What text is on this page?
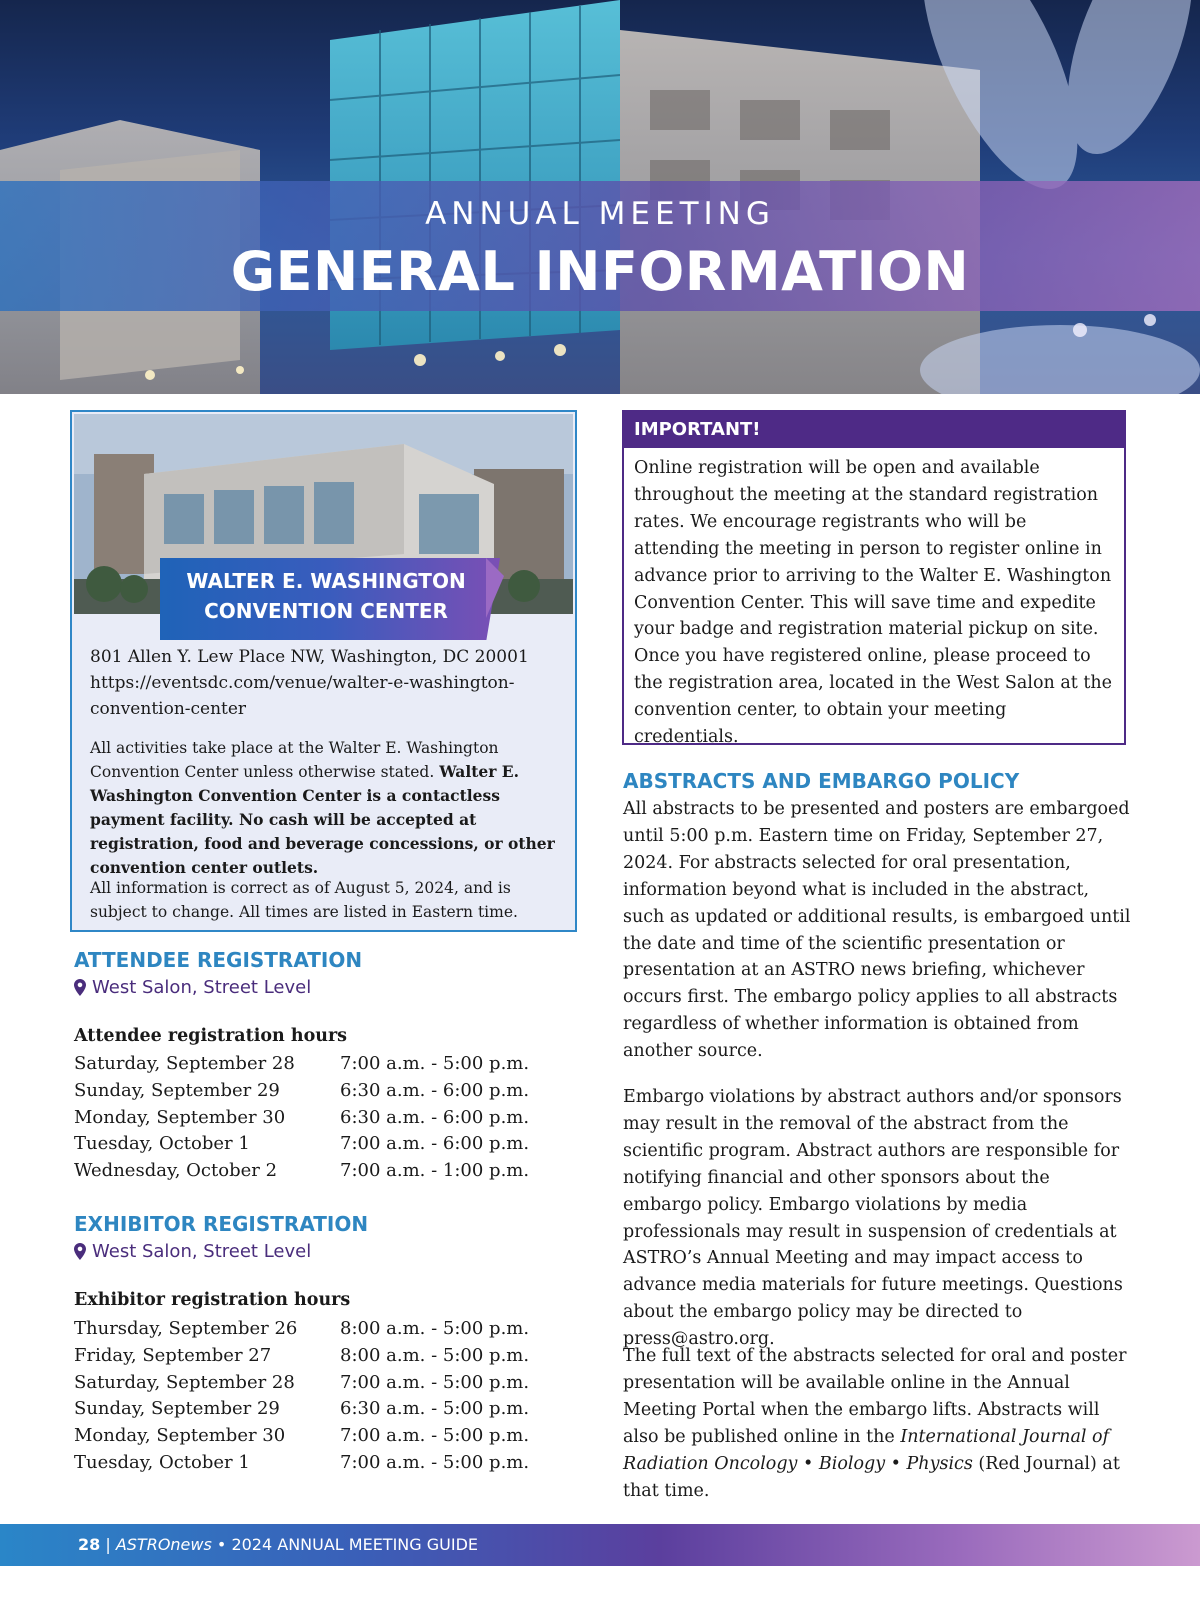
ANNUAL MEETING
GENERAL INFORMATION
WALTER E. WASHINGTON
CONVENTION CENTER
801 Allen Y. Lew Place NW, Washington, DC 20001
https://eventsdc.com/venue/walter-e-washington-convention-center
All activities take place at the Walter E. Washington Convention Center unless otherwise stated. Walter E. Washington Convention Center is a contactless payment facility. No cash will be accepted at registration, food and beverage concessions, or other convention center outlets.
All information is correct as of August 5, 2024, and is subject to change. All times are listed in Eastern time.
ATTENDEE REGISTRATION
West Salon, Street Level
Attendee registration hours
Saturday, September 28	7:00 a.m. - 5:00 p.m.
Sunday, September 29	6:30 a.m. - 6:00 p.m.
Monday, September 30	6:30 a.m. - 6:00 p.m.
Tuesday, October 1	7:00 a.m. - 6:00 p.m.
Wednesday, October 2	7:00 a.m. - 1:00 p.m.
EXHIBITOR REGISTRATION
West Salon, Street Level
Exhibitor registration hours
Thursday, September 26	8:00 a.m. - 5:00 p.m.
Friday, September 27	8:00 a.m. - 5:00 p.m.
Saturday, September 28	7:00 a.m. - 5:00 p.m.
Sunday, September 29	6:30 a.m. - 5:00 p.m.
Monday, September 30	7:00 a.m. - 5:00 p.m.
Tuesday, October 1	7:00 a.m. - 5:00 p.m.
IMPORTANT!
Online registration will be open and available throughout the meeting at the standard registration rates. We encourage registrants who will be attending the meeting in person to register online in advance prior to arriving to the Walter E. Washington Convention Center. This will save time and expedite your badge and registration material pickup on site. Once you have registered online, please proceed to the registration area, located in the West Salon at the convention center, to obtain your meeting credentials.
ABSTRACTS AND EMBARGO POLICY
All abstracts to be presented and posters are embargoed until 5:00 p.m. Eastern time on Friday, September 27, 2024. For abstracts selected for oral presentation, information beyond what is included in the abstract, such as updated or additional results, is embargoed until the date and time of the scientific presentation or presentation at an ASTRO news briefing, whichever occurs first. The embargo policy applies to all abstracts regardless of whether information is obtained from another source.
Embargo violations by abstract authors and/or sponsors may result in the removal of the abstract from the scientific program. Abstract authors are responsible for notifying financial and other sponsors about the embargo policy. Embargo violations by media professionals may result in suspension of credentials at ASTRO’s Annual Meeting and may impact access to advance media materials for future meetings. Questions about the embargo policy may be directed to press@astro.org.
The full text of the abstracts selected for oral and poster presentation will be available online in the Annual Meeting Portal when the embargo lifts. Abstracts will also be published online in the International Journal of Radiation Oncology • Biology • Physics (Red Journal) at that time.
28 | ASTROnews • 2024 ANNUAL MEETING GUIDE
